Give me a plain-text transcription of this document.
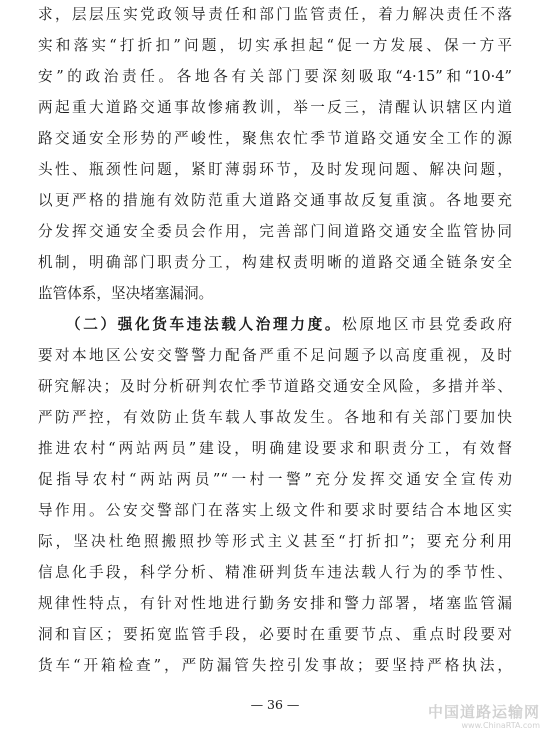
求，层层压实党政领导责任和部门监管责任，着力解决责任不落
实和落实“打折扣”问题，切实承担起“促一方发展、保一方平
安”的政治责任。各地各有关部门要深刻吸取“4·15”和“10·4”
两起重大道路交通事故惨痛教训，举一反三，清醒认识辖区内道
路交通安全形势的严峻性，聚焦农忙季节道路交通安全工作的源
头性、瓶颈性问题，紧盯薄弱环节，及时发现问题、解决问题，
以更严格的措施有效防范重大道路交通事故反复重演。各地要充
分发挥交通安全委员会作用，完善部门间道路交通安全监管协同
机制，明确部门职责分工，构建权责明晰的道路交通全链条安全
监管体系，坚决堵塞漏洞。
（二）强化货车违法载人治理力度。松原地区市县党委政府
要对本地区公安交警警力配备严重不足问题予以高度重视，及时
研究解决；及时分析研判农忙季节道路交通安全风险，多措并举、
严防严控，有效防止货车载人事故发生。各地和有关部门要加快
推进农村“两站两员”建设，明确建设要求和职责分工，有效督
促指导农村“两站两员”“一村一警”充分发挥交通安全宣传劝
导作用。公安交警部门在落实上级文件和要求时要结合本地区实
际，坚决杜绝照搬照抄等形式主义甚至“打折扣”；要充分利用
信息化手段，科学分析、精准研判货车违法载人行为的季节性、
规律性特点，有针对性地进行勤务安排和警力部署，堵塞监管漏
洞和盲区；要拓宽监管手段，必要时在重要节点、重点时段要对
货车“开箱检查”，严防漏管失控引发事故；要坚持严格执法，
— 36 —	中国道路运输网
www.ChinaRTA.com
